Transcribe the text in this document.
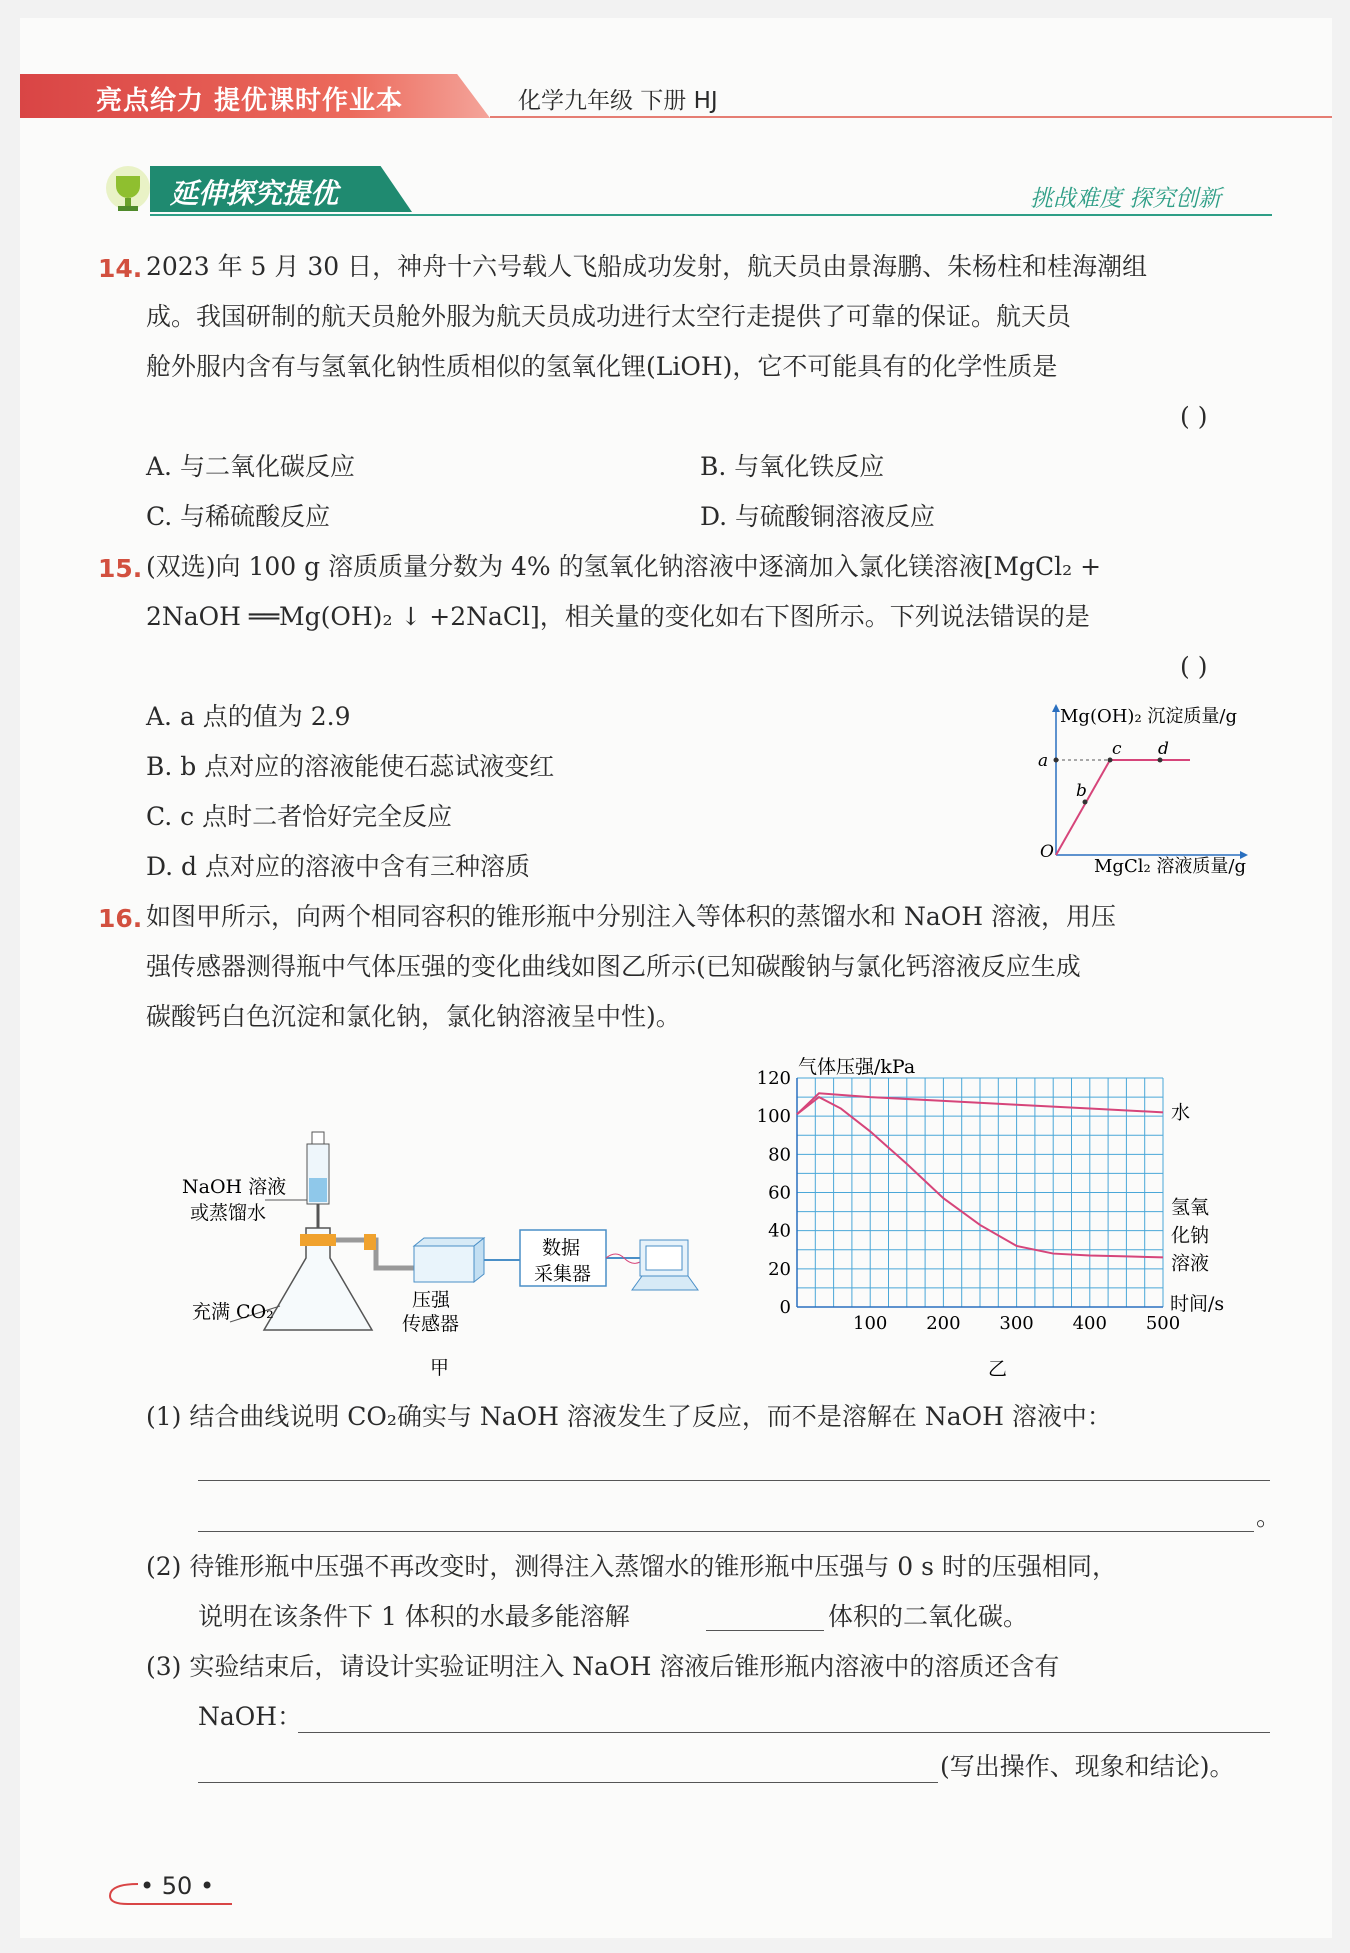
亮点给力 提优课时作业本	化学九年级 下册 HJ
延伸探究提优	挑战难度 探究创新
14. 2023 年 5 月 30 日，神舟十六号载人飞船成功发射，航天员由景海鹏、朱杨柱和桂海潮组
成。我国研制的航天员舱外服为航天员成功进行太空行走提供了可靠的保证。航天员
舱外服内含有与氢氧化钠性质相似的氢氧化锂(LiOH)，它不可能具有的化学性质是
( )
A. 与二氧化碳反应	B. 与氧化铁反应
C. 与稀硫酸反应	D. 与硫酸铜溶液反应
15. (双选)向 100 g 溶质质量分数为 4% 的氢氧化钠溶液中逐滴加入氯化镁溶液[MgCl₂ +
2NaOH ══Mg(OH)₂ ↓ +2NaCl]，相关量的变化如右下图所示。下列说法错误的是
( )
A. a 点的值为 2.9
B. b 点对应的溶液能使石蕊试液变红
C. c 点时二者恰好完全反应
D. d 点对应的溶液中含有三种溶质
a
b
c d
O
Mg(OH)₂ 沉淀质量/g
MgCl₂ 溶液质量/g
16. 如图甲所示，向两个相同容积的锥形瓶中分别注入等体积的蒸馏水和 NaOH 溶液，用压
强传感器测得瓶中气体压强的变化曲线如图乙所示(已知碳酸钠与氯化钙溶液反应生成
碳酸钙白色沉淀和氯化钠，氯化钠溶液呈中性)。
NaOH 溶液
或蒸馏水
充满 CO₂
压强
传感器
数据
采集器
甲
0
20
40
60
80
100
120
100 200 300 400 500
水
氢氧
化钠
溶液
气体压强/kPa
时间/s
乙
(1) 结合曲线说明 CO₂确实与 NaOH 溶液发生了反应，而不是溶解在 NaOH 溶液中：
。
(2) 待锥形瓶中压强不再改变时，测得注入蒸馏水的锥形瓶中压强与 0 s 时的压强相同，
说明在该条件下 1 体积的水最多能溶解	体积的二氧化碳。
(3) 实验结束后，请设计实验证明注入 NaOH 溶液后锥形瓶内溶液中的溶质还含有
NaOH：
(写出操作、现象和结论)。
• 50 •
